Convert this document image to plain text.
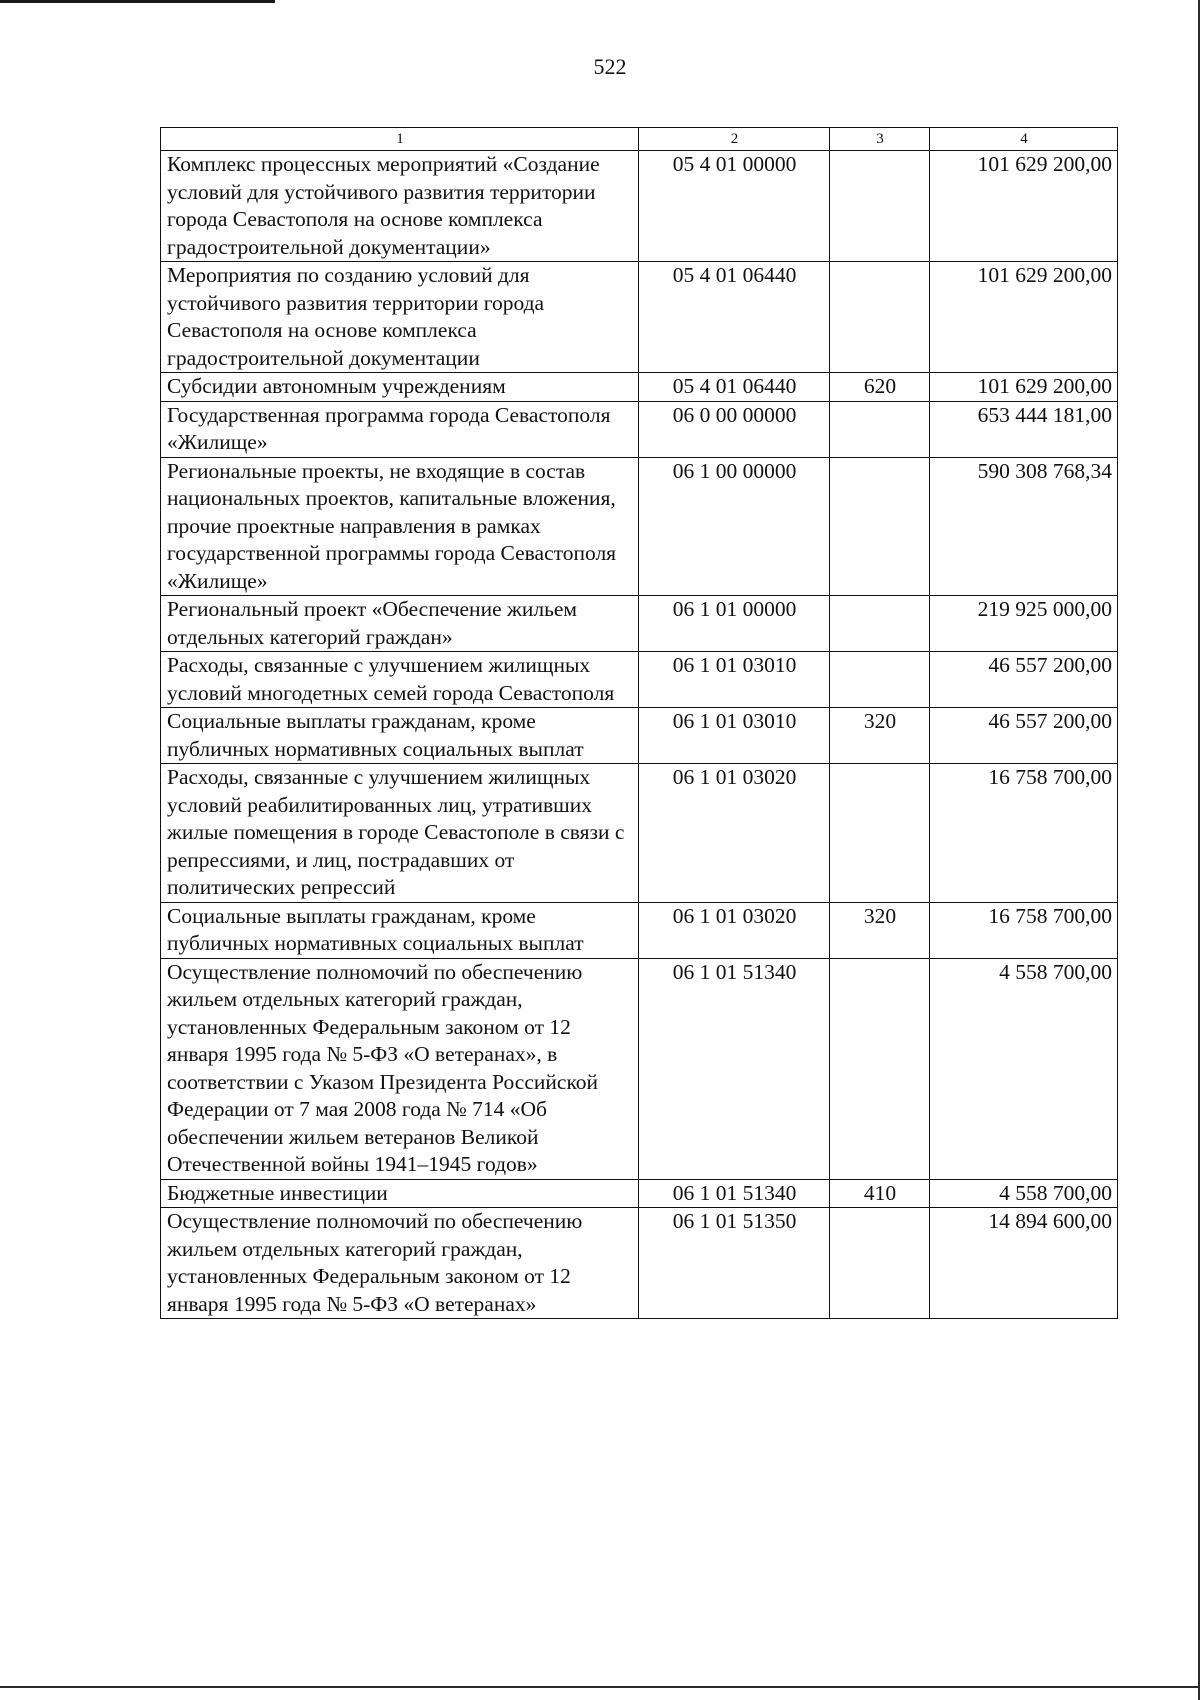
522
1	2	3	4
Комплекс процессных мероприятий «Создание условий для устойчивого развития территории города Севастополя на основе комплекса градостроительной документации»	05 4 01 00000		101 629 200,00
Мероприятия по созданию условий для устойчивого развития территории города Севастополя на основе комплекса градостроительной документации	05 4 01 06440		101 629 200,00
Субсидии автономным учреждениям	05 4 01 06440	620	101 629 200,00
Государственная программа города Севастополя «Жилище»	06 0 00 00000		653 444 181,00
Региональные проекты, не входящие в состав национальных проектов, капитальные вложения, прочие проектные направления в рамках государственной программы города Севастополя «Жилище»	06 1 00 00000		590 308 768,34
Региональный проект «Обеспечение жильем отдельных категорий граждан»	06 1 01 00000		219 925 000,00
Расходы, связанные с улучшением жилищных условий многодетных семей города Севастополя	06 1 01 03010		46 557 200,00
Социальные выплаты гражданам, кроме публичных нормативных социальных выплат	06 1 01 03010	320	46 557 200,00
Расходы, связанные с улучшением жилищных условий реабилитированных лиц, утративших жилые помещения в городе Севастополе в связи с репрессиями, и лиц, пострадавших от политических репрессий	06 1 01 03020		16 758 700,00
Социальные выплаты гражданам, кроме публичных нормативных социальных выплат	06 1 01 03020	320	16 758 700,00
Осуществление полномочий по обеспечению жильем отдельных категорий граждан, установленных Федеральным законом от 12 января 1995 года № 5-ФЗ «О ветеранах», в соответствии с Указом Президента Российской Федерации от 7 мая 2008 года № 714 «Об обеспечении жильем ветеранов Великой Отечественной войны 1941–1945 годов»	06 1 01 51340		4 558 700,00
Бюджетные инвестиции	06 1 01 51340	410	4 558 700,00
Осуществление полномочий по обеспечению жильем отдельных категорий граждан, установленных Федеральным законом от 12 января 1995 года № 5-ФЗ «О ветеранах»	06 1 01 51350		14 894 600,00
